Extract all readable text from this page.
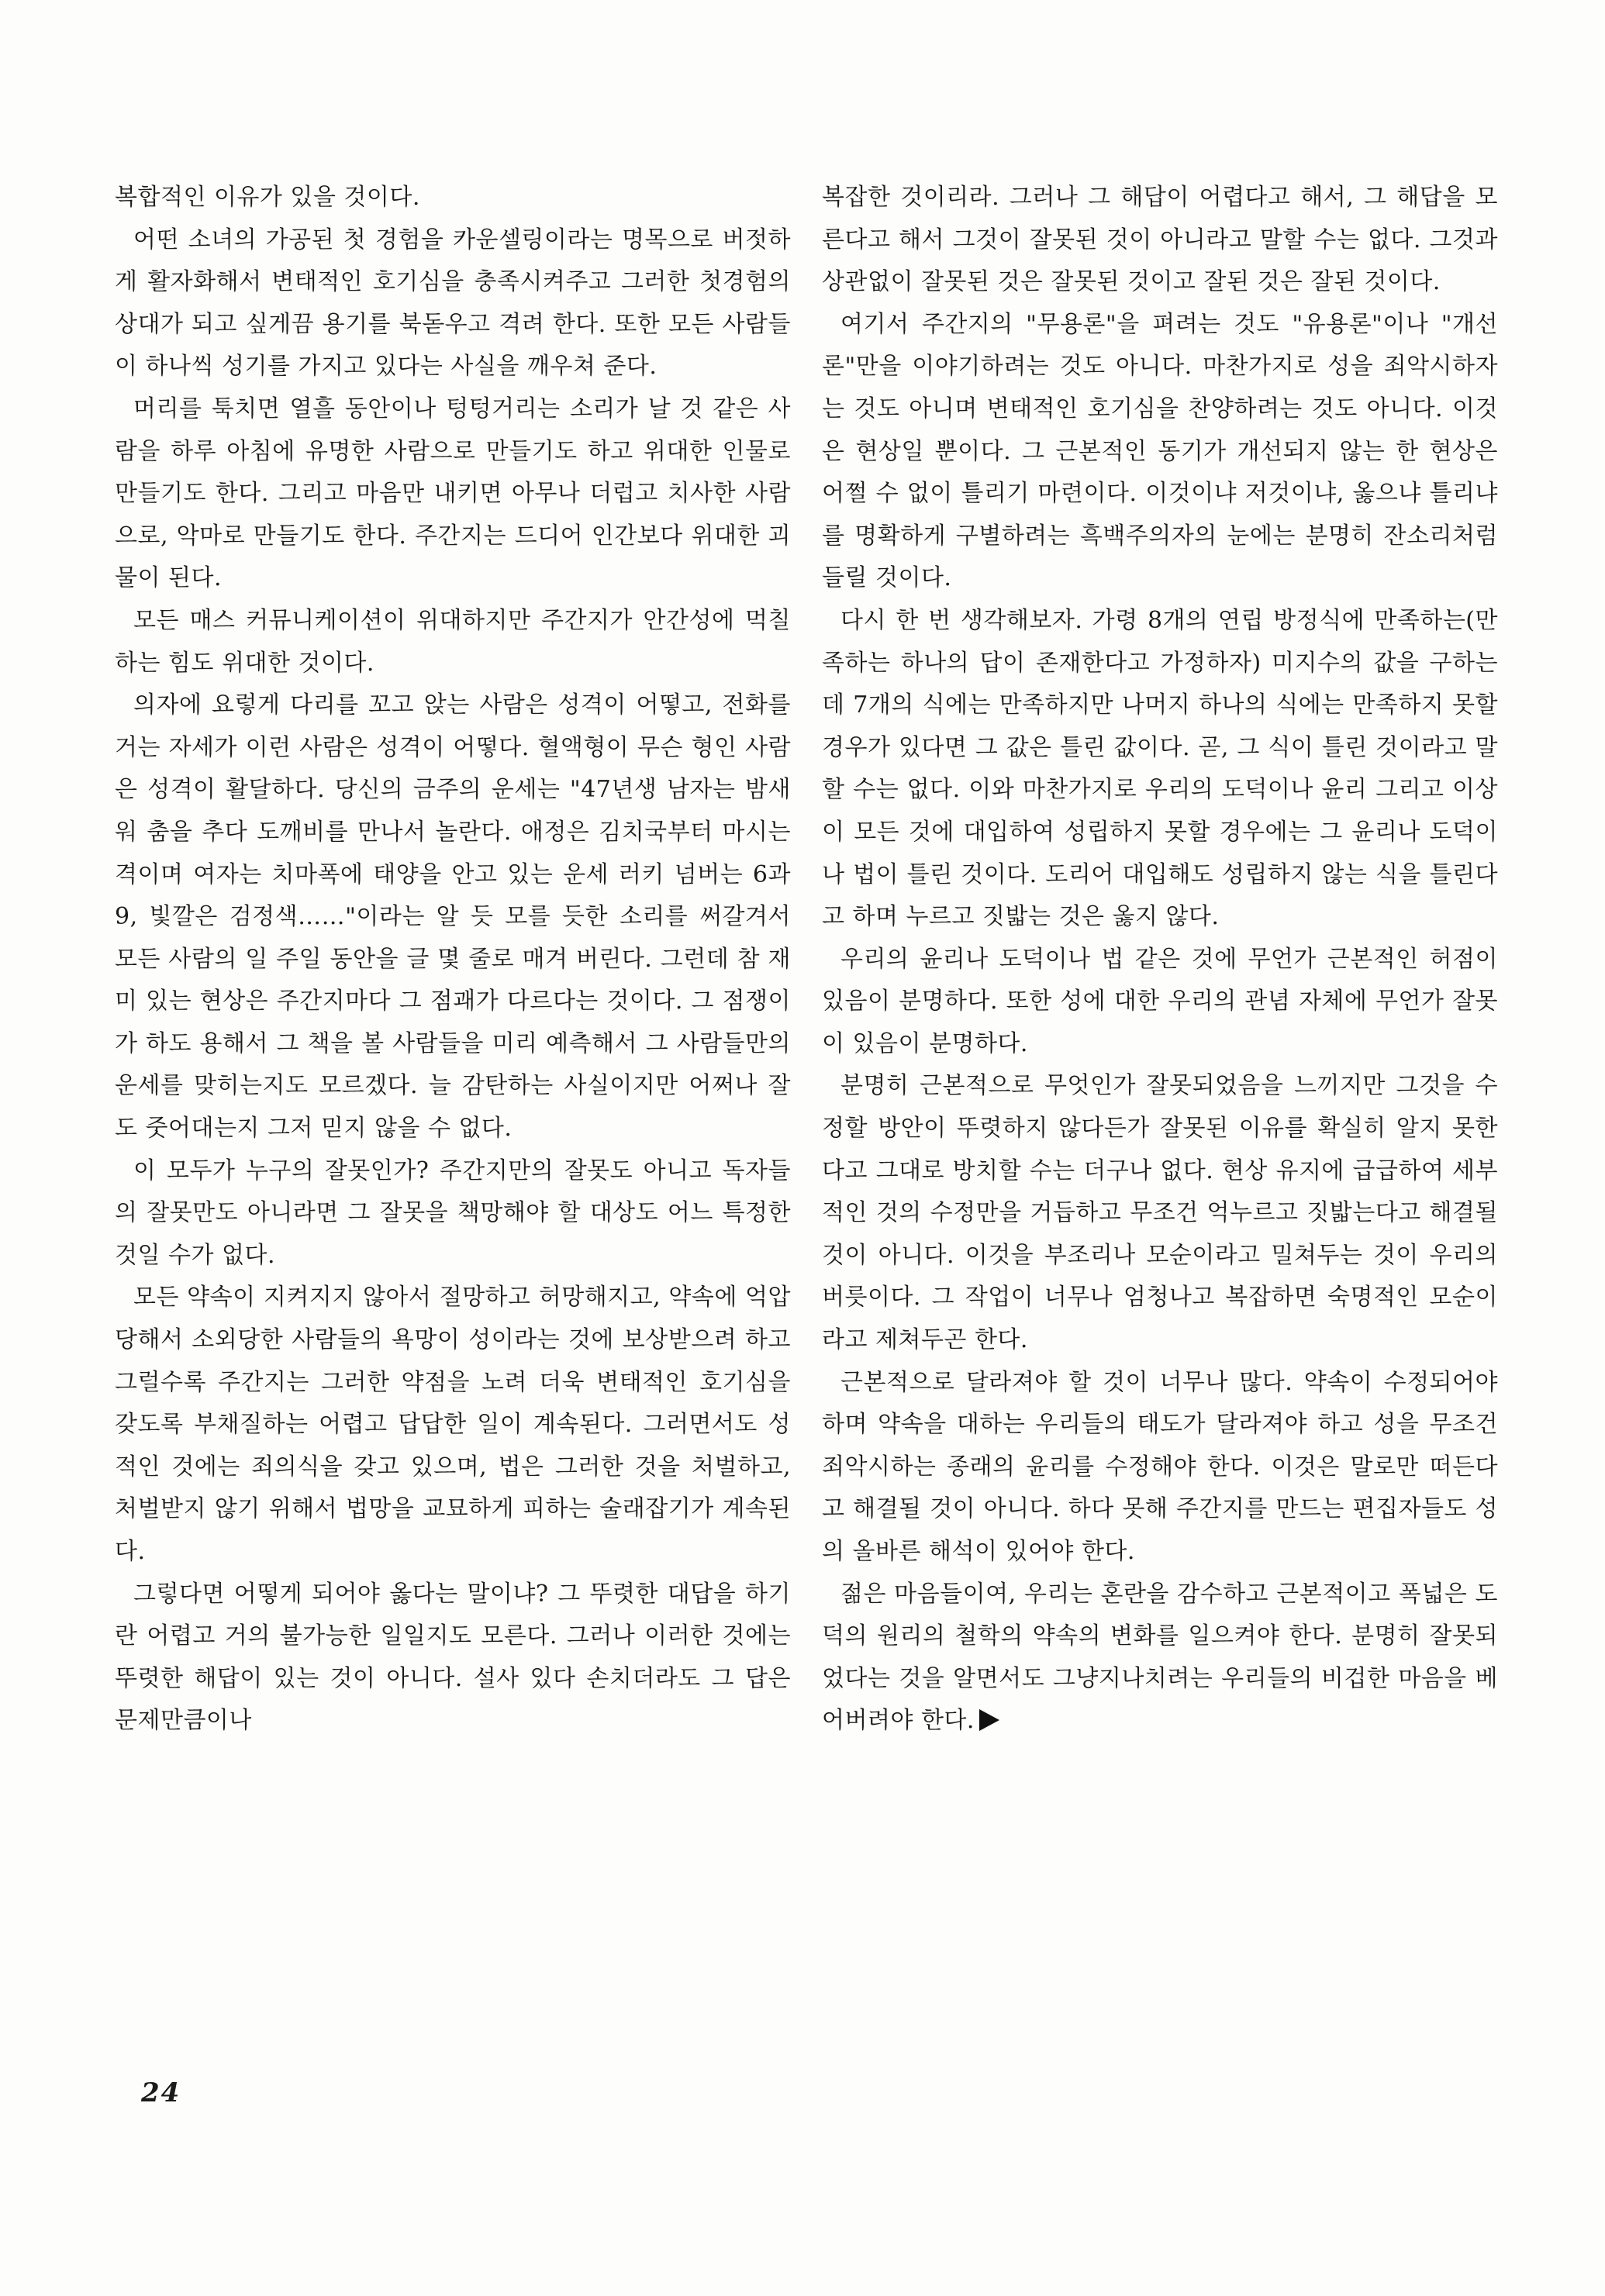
복합적인 이유가 있을 것이다.

어떤 소녀의 가공된 첫 경험을 카운셀링이라는 명목으로 버젓하게 활자화해서 변태적인 호기심을 충족시켜주고 그러한 첫경험의 상대가 되고 싶게끔 용기를 북돋우고 격려 한다. 또한 모든 사람들이 하나씩 성기를 가지고 있다는 사실을 깨우쳐 준다.

머리를 툭치면 열흘 동안이나 텅텅거리는 소리가 날 것 같은 사람을 하루 아침에 유명한 사람으로 만들기도 하고 위대한 인물로 만들기도 한다. 그리고 마음만 내키면 아무나 더럽고 치사한 사람으로, 악마로 만들기도 한다. 주간지는 드디어 인간보다 위대한 괴물이 된다.

모든 매스 커뮤니케이션이 위대하지만 주간지가 안간성에 먹칠하는 힘도 위대한 것이다.

의자에 요렇게 다리를 꼬고 앉는 사람은 성격이 어떻고, 전화를 거는 자세가 이런 사람은 성격이 어떻다. 혈액형이 무슨 형인 사람은 성격이 활달하다. 당신의 금주의 운세는 "47년생 남자는 밤새워 춤을 추다 도깨비를 만나서 놀란다. 애정은 김치국부터 마시는 격이며 여자는 치마폭에 태양을 안고 있는 운세 러키 넘버는 6과 9, 빛깔은 검정색……"이라는 알 듯 모를 듯한 소리를 써갈겨서 모든 사람의 일 주일 동안을 글 몇 줄로 매겨 버린다. 그런데 참 재미 있는 현상은 주간지마다 그 점괘가 다르다는 것이다. 그 점쟁이가 하도 용해서 그 책을 볼 사람들을 미리 예측해서 그 사람들만의 운세를 맞히는지도 모르겠다. 늘 감탄하는 사실이지만 어쩌나 잘도 줏어대는지 그저 믿지 않을 수 없다.

이 모두가 누구의 잘못인가? 주간지만의 잘못도 아니고 독자들의 잘못만도 아니라면 그 잘못을 책망해야 할 대상도 어느 특정한 것일 수가 없다.

모든 약속이 지켜지지 않아서 절망하고 허망해지고, 약속에 억압당해서 소외당한 사람들의 욕망이 성이라는 것에 보상받으려 하고 그럴수록 주간지는 그러한 약점을 노려 더욱 변태적인 호기심을 갖도록 부채질하는 어렵고 답답한 일이 계속된다. 그러면서도 성적인 것에는 죄의식을 갖고 있으며, 법은 그러한 것을 처벌하고, 처벌받지 않기 위해서 법망을 교묘하게 피하는 술래잡기가 계속된다.

그렇다면 어떻게 되어야 옳다는 말이냐? 그 뚜렷한 대답을 하기란 어렵고 거의 불가능한 일일지도 모른다. 그러나 이러한 것에는 뚜렷한 해답이 있는 것이 아니다. 설사 있다 손치더라도 그 답은 문제만큼이나

복잡한 것이리라. 그러나 그 해답이 어렵다고 해서, 그 해답을 모른다고 해서 그것이 잘못된 것이 아니라고 말할 수는 없다. 그것과 상관없이 잘못된 것은 잘못된 것이고 잘된 것은 잘된 것이다.

여기서 주간지의 "무용론"을 펴려는 것도 "유용론"이나 "개선론"만을 이야기하려는 것도 아니다. 마찬가지로 성을 죄악시하자는 것도 아니며 변태적인 호기심을 찬양하려는 것도 아니다. 이것은 현상일 뿐이다. 그 근본적인 동기가 개선되지 않는 한 현상은 어쩔 수 없이 틀리기 마련이다. 이것이냐 저것이냐, 옳으냐 틀리냐를 명확하게 구별하려는 흑백주의자의 눈에는 분명히 잔소리처럼 들릴 것이다.

다시 한 번 생각해보자. 가령 8개의 연립 방정식에 만족하는(만족하는 하나의 답이 존재한다고 가정하자) 미지수의 값을 구하는데 7개의 식에는 만족하지만 나머지 하나의 식에는 만족하지 못할 경우가 있다면 그 값은 틀린 값이다. 곧, 그 식이 틀린 것이라고 말할 수는 없다. 이와 마찬가지로 우리의 도덕이나 윤리 그리고 이상이 모든 것에 대입하여 성립하지 못할 경우에는 그 윤리나 도덕이나 법이 틀린 것이다. 도리어 대입해도 성립하지 않는 식을 틀린다고 하며 누르고 짓밟는 것은 옳지 않다.

우리의 윤리나 도덕이나 법 같은 것에 무언가 근본적인 허점이 있음이 분명하다. 또한 성에 대한 우리의 관념 자체에 무언가 잘못이 있음이 분명하다.

분명히 근본적으로 무엇인가 잘못되었음을 느끼지만 그것을 수정할 방안이 뚜렷하지 않다든가 잘못된 이유를 확실히 알지 못한다고 그대로 방치할 수는 더구나 없다. 현상 유지에 급급하여 세부적인 것의 수정만을 거듭하고 무조건 억누르고 짓밟는다고 해결될 것이 아니다. 이것을 부조리나 모순이라고 밀쳐두는 것이 우리의 버릇이다. 그 작업이 너무나 엄청나고 복잡하면 숙명적인 모순이라고 제쳐두곤 한다.

근본적으로 달라져야 할 것이 너무나 많다. 약속이 수정되어야 하며 약속을 대하는 우리들의 태도가 달라져야 하고 성을 무조건 죄악시하는 종래의 윤리를 수정해야 한다. 이것은 말로만 떠든다고 해결될 것이 아니다. 하다 못해 주간지를 만드는 편집자들도 성의 올바른 해석이 있어야 한다.

젊은 마음들이여, 우리는 혼란을 감수하고 근본적이고 폭넓은 도덕의 원리의 철학의 약속의 변화를 일으켜야 한다. 분명히 잘못되었다는 것을 알면서도 그냥지나치려는 우리들의 비겁한 마음을 베어버려야 한다.

24
